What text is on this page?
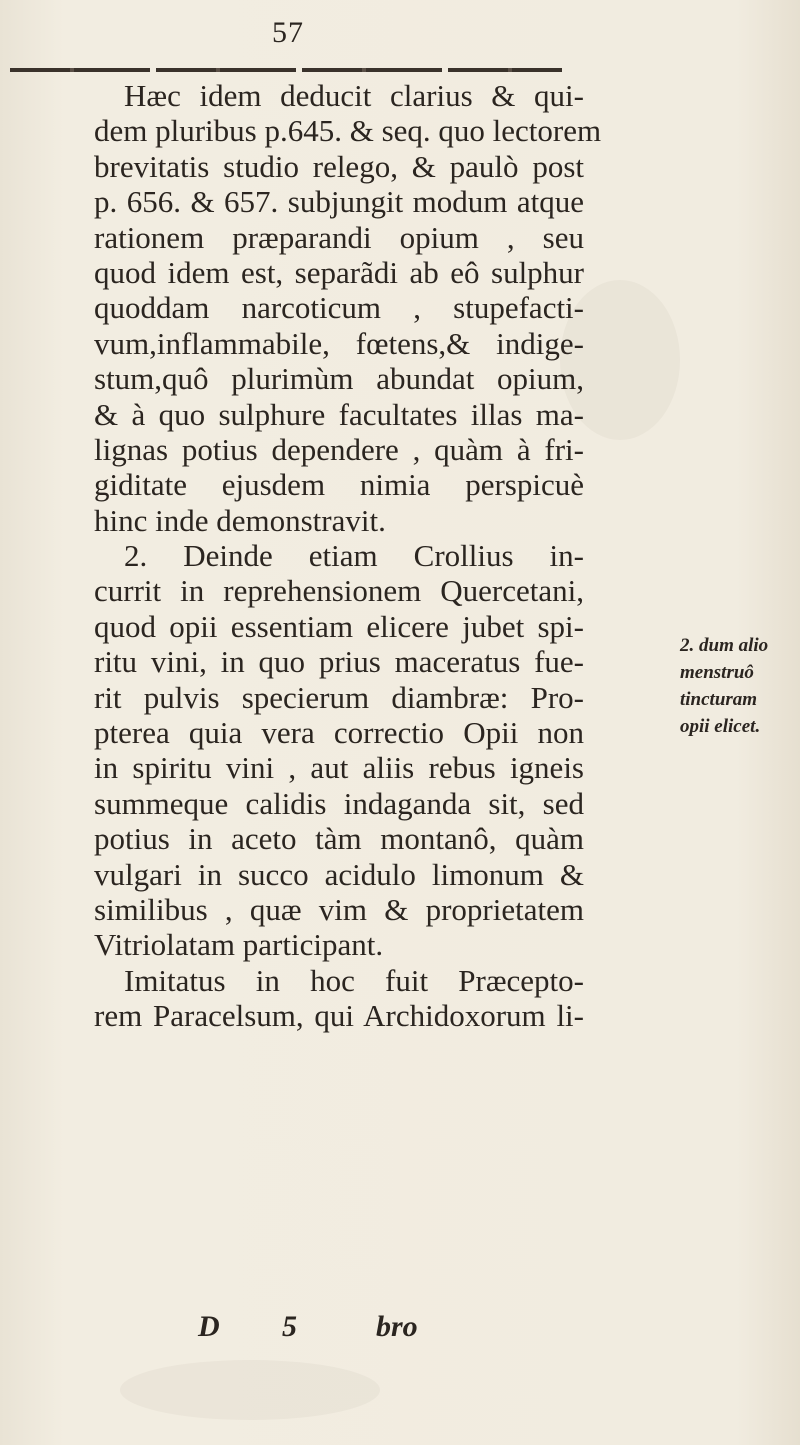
57
Hæc idem deducit clarius & qui-
dem pluribus p.645. & seq. quo lectorem
brevitatis studio relego, & paulò post
p. 656. & 657. subjungit modum atque
rationem præparandi opium , seu
quod idem est, separãdi ab eô sulphur
quoddam narcoticum , stupefacti-
vum,inflammabile, fœtens,& indige-
stum,quô plurimùm abundat opium,
& à quo sulphure facultates illas ma-
lignas potius dependere , quàm à fri-
giditate ejusdem nimia perspicuè
hinc inde demonstravit.
2. Deinde etiam Crollius in-
currit in reprehensionem Quercetani,
quod opii essentiam elicere jubet spi-
ritu vini, in quo prius maceratus fue-
rit pulvis specierum diambræ: Pro-
pterea quia vera correctio Opii non
in spiritu vini , aut aliis rebus igneis
summeque calidis indaganda sit, sed
potius in aceto tàm montanô, quàm
vulgari in succo acidulo limonum &
similibus , quæ vim & proprietatem
Vitriolatam participant.
Imitatus in hoc fuit Præcepto-
rem Paracelsum, qui Archidoxorum li-
2. dum alio
menstruô
tincturam
opii elicet.
D 5	bro
